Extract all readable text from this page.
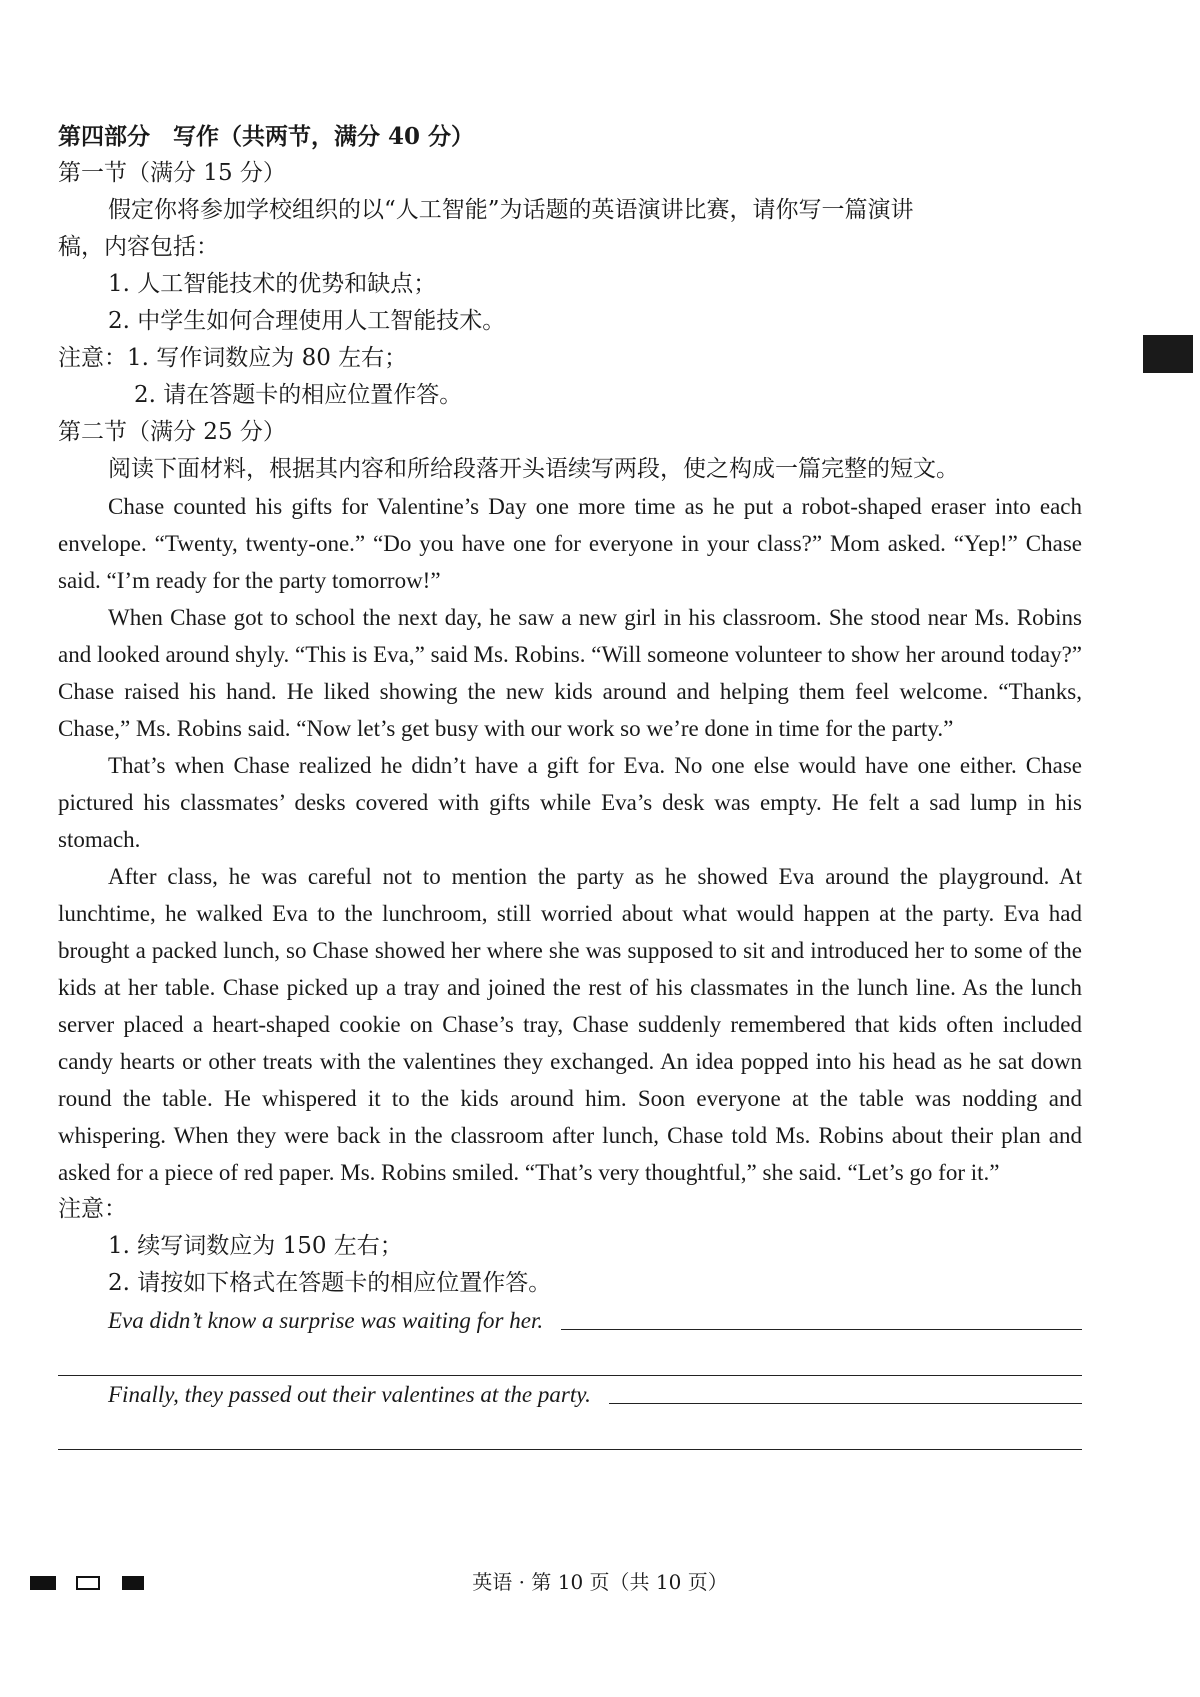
第四部分　写作（共两节，满分 40 分）
第一节（满分 15 分）
假定你将参加学校组织的以“人工智能”为话题的英语演讲比赛，请你写一篇演讲
稿，内容包括：
1. 人工智能技术的优势和缺点；
2. 中学生如何合理使用人工智能技术。
注意：1. 写作词数应为 80 左右；
2. 请在答题卡的相应位置作答。
第二节（满分 25 分）
阅读下面材料，根据其内容和所给段落开头语续写两段，使之构成一篇完整的短文。

Chase counted his gifts for Valentine’s Day one more time as he put a robot-shaped eraser into each envelope. “Twenty, twenty-one.” “Do you have one for everyone in your class?” Mom asked. “Yep!” Chase said. “I’m ready for the party tomorrow!”

When Chase got to school the next day, he saw a new girl in his classroom. She stood near Ms. Robins and looked around shyly. “This is Eva,” said Ms. Robins. “Will someone volunteer to show her around today?” Chase raised his hand. He liked showing the new kids around and helping them feel welcome. “Thanks, Chase,” Ms. Robins said. “Now let’s get busy with our work so we’re done in time for the party.”

That’s when Chase realized he didn’t have a gift for Eva. No one else would have one either. Chase pictured his classmates’ desks covered with gifts while Eva’s desk was empty. He felt a sad lump in his stomach.

After class, he was careful not to mention the party as he showed Eva around the playground. At lunchtime, he walked Eva to the lunchroom, still worried about what would happen at the party. Eva had brought a packed lunch, so Chase showed her where she was supposed to sit and introduced her to some of the kids at her table. Chase picked up a tray and joined the rest of his classmates in the lunch line. As the lunch server placed a heart-shaped cookie on Chase’s tray, Chase suddenly remembered that kids often included candy hearts or other treats with the valentines they exchanged. An idea popped into his head as he sat down round the table. He whispered it to the kids around him. Soon everyone at the table was nodding and whispering. When they were back in the classroom after lunch, Chase told Ms. Robins about their plan and asked for a piece of red paper. Ms. Robins smiled. “That’s very thoughtful,” she said. “Let’s go for it.”

注意：
1. 续写词数应为 150 左右；
2. 请按如下格式在答题卡的相应位置作答。
Eva didn’t know a surprise was waiting for her.
Finally, they passed out their valentines at the party.
英语 · 第 10 页（共 10 页）
